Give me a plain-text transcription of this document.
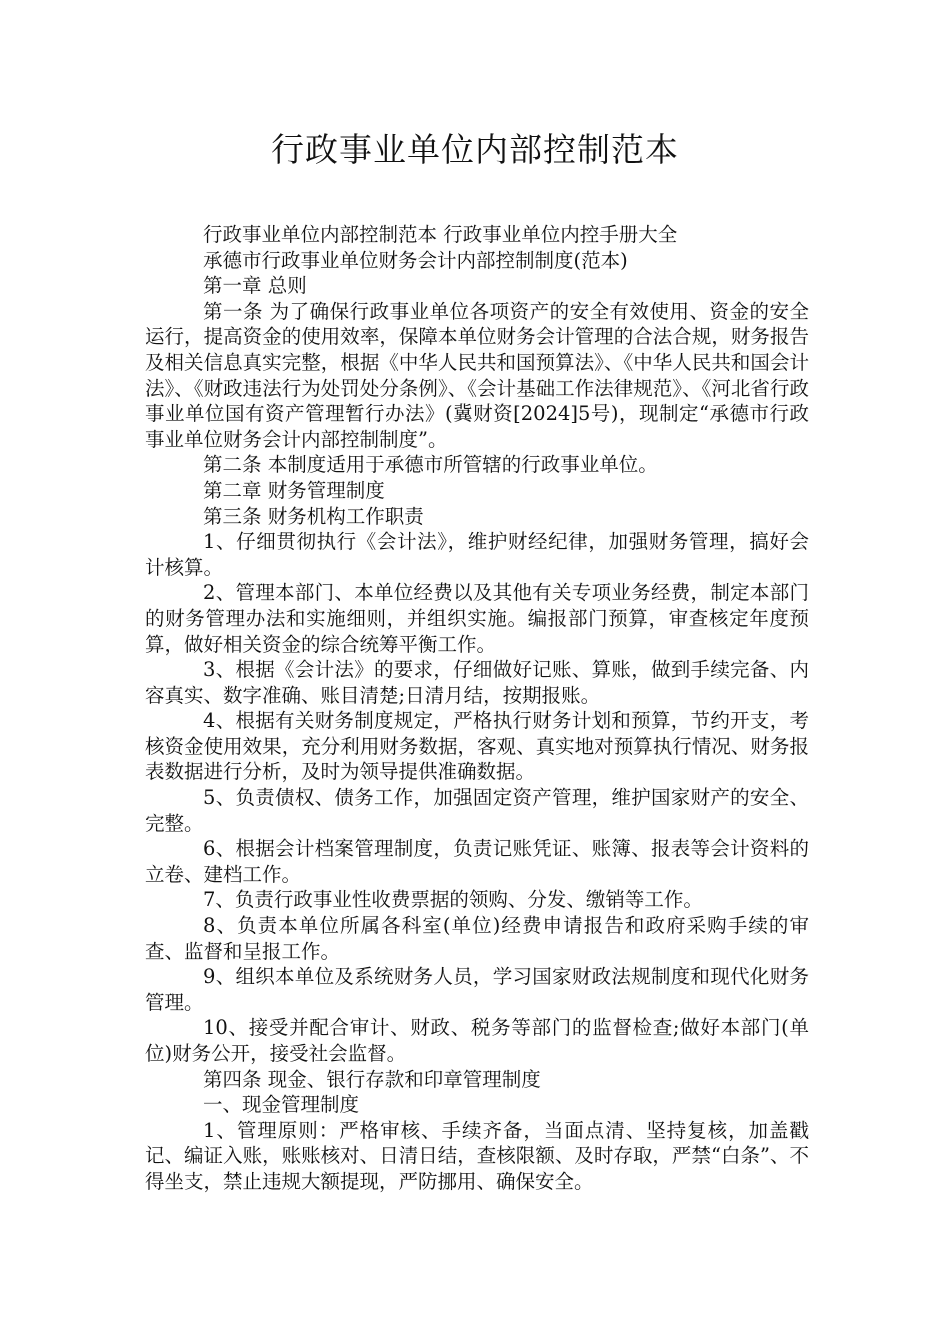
行政事业单位内部控制范本

行政事业单位内部控制范本 行政事业单位内控手册大全

承德市行政事业单位财务会计内部控制制度(范本)

第一章 总则

第一条 为了确保行政事业单位各项资产的安全有效使用、资金的安全运行，提高资金的使用效率，保障本单位财务会计管理的合法合规，财务报告及相关信息真实完整，根据《中华人民共和国预算法》、《中华人民共和国会计法》、《财政违法行为处罚处分条例》、《会计基础工作法律规范》、《河北省行政事业单位国有资产管理暂行办法》(冀财资[2024]5号)，现制定“承德市行政事业单位财务会计内部控制制度”。

第二条 本制度适用于承德市所管辖的行政事业单位。

第二章 财务管理制度

第三条 财务机构工作职责

1、仔细贯彻执行《会计法》，维护财经纪律，加强财务管理，搞好会计核算。

2、管理本部门、本单位经费以及其他有关专项业务经费，制定本部门的财务管理办法和实施细则，并组织实施。编报部门预算，审查核定年度预算，做好相关资金的综合统筹平衡工作。

3、根据《会计法》的要求，仔细做好记账、算账，做到手续完备、内容真实、数字准确、账目清楚;日清月结，按期报账。

4、根据有关财务制度规定，严格执行财务计划和预算，节约开支，考核资金使用效果，充分利用财务数据，客观、真实地对预算执行情况、财务报表数据进行分析，及时为领导提供准确数据。

5、负责债权、债务工作，加强固定资产管理，维护国家财产的安全、完整。

6、根据会计档案管理制度，负责记账凭证、账簿、报表等会计资料的立卷、建档工作。

7、负责行政事业性收费票据的领购、分发、缴销等工作。

8、负责本单位所属各科室(单位)经费申请报告和政府采购手续的审查、监督和呈报工作。

9、组织本单位及系统财务人员，学习国家财政法规制度和现代化财务管理。

10、接受并配合审计、财政、税务等部门的监督检查;做好本部门(单位)财务公开，接受社会监督。

第四条 现金、银行存款和印章管理制度

一、现金管理制度

1、管理原则：严格审核、手续齐备，当面点清、坚持复核，加盖戳记、编证入账，账账核对、日清日结，查核限额、及时存取，严禁“白条”、不得坐支，禁止违规大额提现，严防挪用、确保安全。
